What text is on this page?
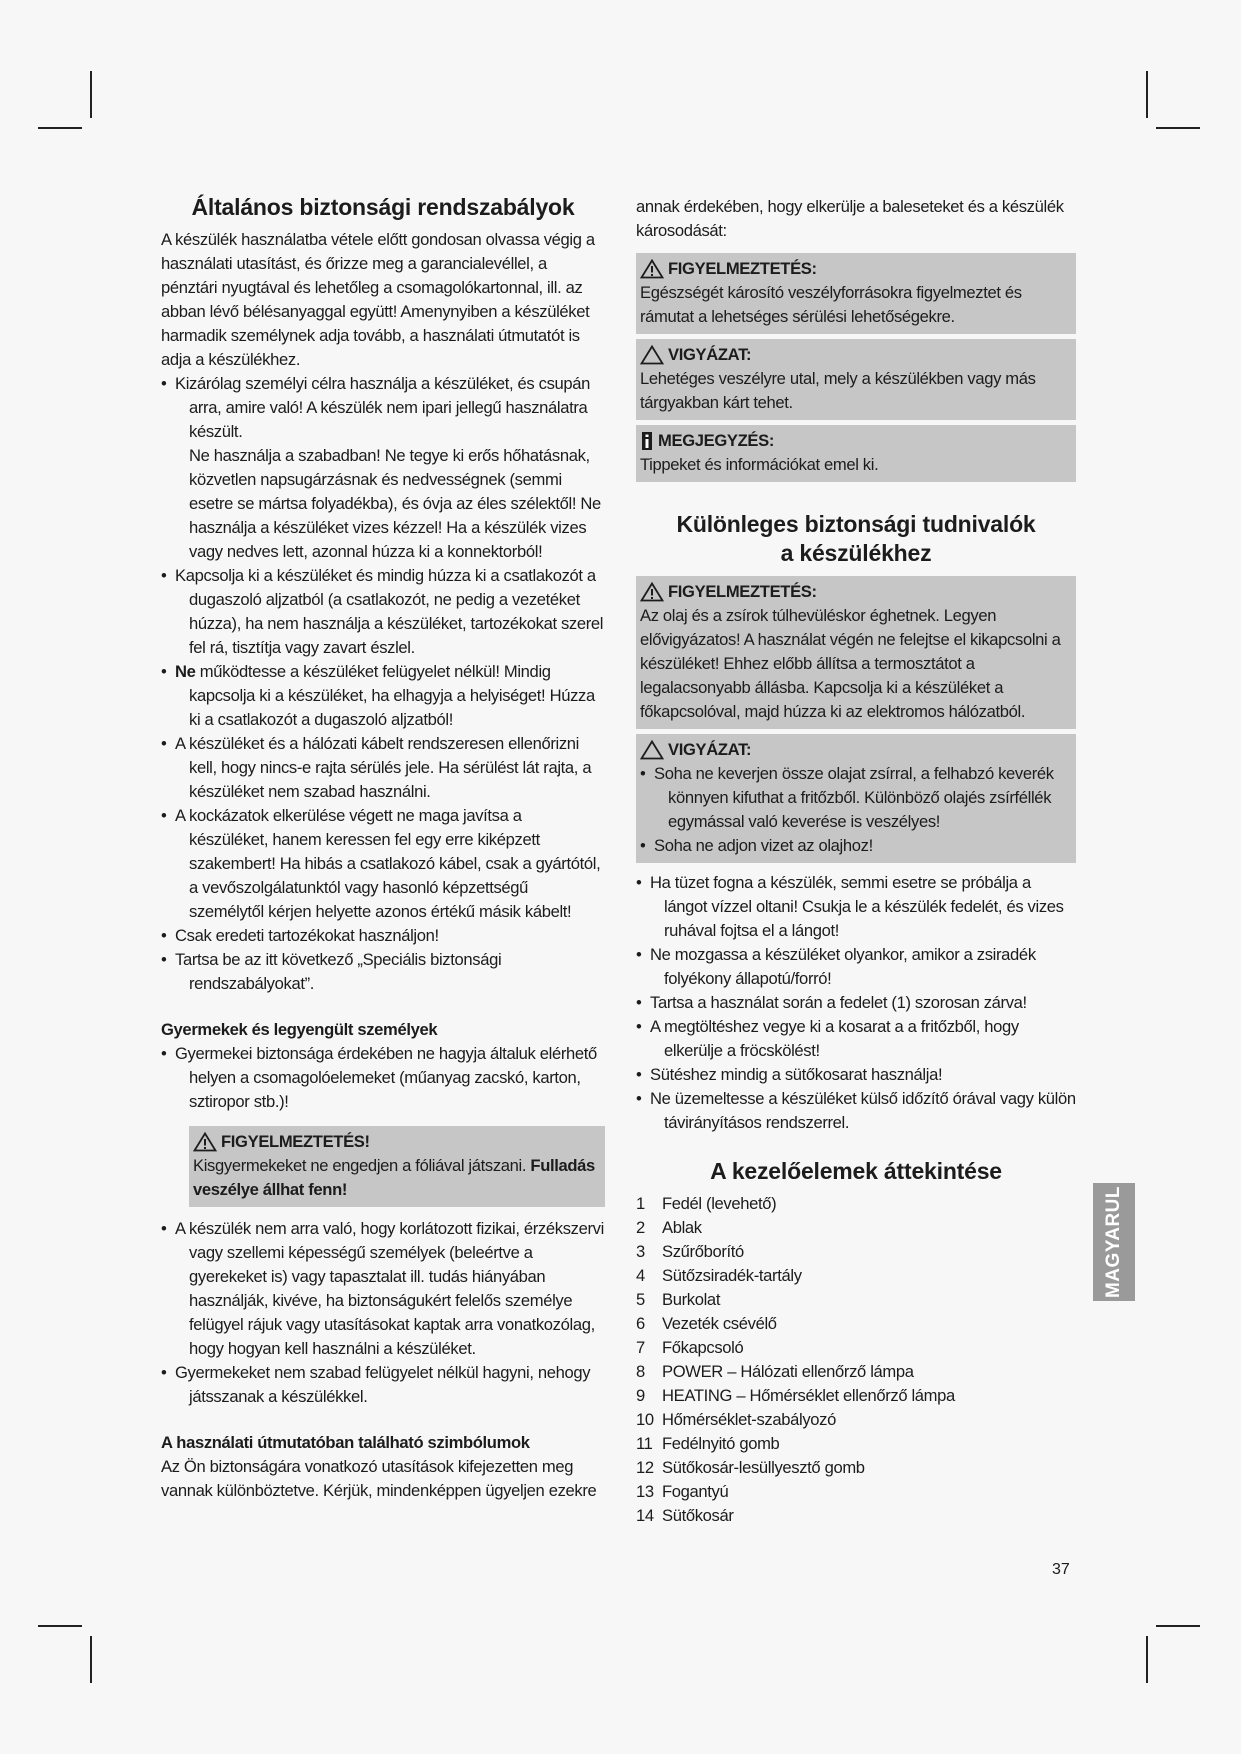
Általános biztonsági rendszabályok

A készülék használatba vétele előtt gondosan olvassa végig a használati utasítást, és őrizze meg a garancialevéllel, a pénztári nyugtával és lehetőleg a csomagolókartonnal, ill. az abban lévő bélésanyaggal együtt! Amenynyiben a készüléket harmadik személynek adja tovább, a használati útmutatót is adja a készülékhez.

• Kizárólag személyi célra használja a készüléket, és csupán arra, amire való! A készülék nem ipari jellegű használatra készült.

Ne használja a szabadban! Ne tegye ki erős hőhatásnak, közvetlen napsugárzásnak és nedvességnek (semmi esetre se mártsa folyadékba), és óvja az éles szélektől! Ne használja a készüléket vizes kézzel! Ha a készülék vizes vagy nedves lett, azonnal húzza ki a konnektorból!

• Kapcsolja ki a készüléket és mindig húzza ki a csatlakozót a dugaszoló aljzatból (a csatlakozót, ne pedig a vezetéket húzza), ha nem használja a készüléket, tartozékokat szerel fel rá, tisztítja vagy zavart észlel.
• Ne működtesse a készüléket felügyelet nélkül! Mindig kapcsolja ki a készüléket, ha elhagyja a helyiséget! Húzza ki a csatlakozót a dugaszoló aljzatból!
• A készüléket és a hálózati kábelt rendszeresen ellenőrizni kell, hogy nincs-e rajta sérülés jele. Ha sérülést lát rajta, a készüléket nem szabad használni.
• A kockázatok elkerülése végett ne maga javítsa a készüléket, hanem keressen fel egy erre kiképzett szakembert! Ha hibás a csatlakozó kábel, csak a gyártótól, a vevőszolgálatunktól vagy hasonló képzettségű személytől kérjen helyette azonos értékű másik kábelt!
• Csak eredeti tartozékokat használjon!
• Tartsa be az itt következő „Speciális biztonsági rendszabályokat”.
Gyermekek és legyengült személyek
• Gyermekei biztonsága érdekében ne hagyja általuk elérhető helyen a csomagolóelemeket (műanyag zacskó, karton, sztiropor stb.)!
FIGYELMEZTETÉS!

Kisgyermekeket ne engedjen a fóliával játszani. Fulladás veszélye állhat fenn!

• A készülék nem arra való, hogy korlátozott fizikai, érzékszervi vagy szellemi képességű személyek (beleértve a gyerekeket is) vagy tapasztalat ill. tudás hiányában használják, kivéve, ha biztonságukért felelős személye felügyel rájuk vagy utasításokat kaptak arra vonatkozólag, hogy hogyan kell használni a készüléket.
• Gyermekeket nem szabad felügyelet nélkül hagyni, nehogy játsszanak a készülékkel.
A használati útmutatóban található szimbólumok

Az Ön biztonságára vonatkozó utasítások kifejezetten meg vannak különböztetve. Kérjük, mindenképpen ügyeljen ezekre

annak érdekében, hogy elkerülje a baleseteket és a készülék károsodását:

FIGYELMEZTETÉS:

Egészségét károsító veszélyforrásokra figyelmeztet és rámutat a lehetséges sérülési lehetőségekre.

VIGYÁZAT:

Lehetéges veszélyre utal, mely a készülékben vagy más tárgyakban kárt tehet.

MEGJEGYZÉS:

Tippeket és információkat emel ki.

Különleges biztonsági tudnivalók
a készülékhez
FIGYELMEZTETÉS:

Az olaj és a zsírok túlhevüléskor éghetnek. Legyen elővigyázatos! A használat végén ne felejtse el kikapcsolni a készüléket! Ehhez előbb állítsa a termosztátot a legalacsonyabb állásba. Kapcsolja ki a készüléket a főkapcsolóval, majd húzza ki az elektromos hálózatból.

VIGYÁZAT:
• Soha ne keverjen össze olajat zsírral, a felhabzó keverék könnyen kifuthat a fritőzből. Különböző olajés zsírféllék egymással való keverése is veszélyes!
• Soha ne adjon vizet az olajhoz!
• Ha tüzet fogna a készülék, semmi esetre se próbálja a lángot vízzel oltani! Csukja le a készülék fedelét, és vizes ruhával fojtsa el a lángot!
• Ne mozgassa a készüléket olyankor, amikor a zsiradék folyékony állapotú/forró!
• Tartsa a használat során a fedelet (1) szorosan zárva!
• A megtöltéshez vegye ki a kosarat a a fritőzből, hogy elkerülje a fröcskölést!
• Sütéshez mindig a sütőkosarat használja!
• Ne üzemeltesse a készüléket külső időzítő órával vagy külön távirányításos rendszerrel.
A kezelőelemek áttekintése
1	Fedél (levehető)
2	Ablak
3	Szűrőborító
4	Sütőzsiradék-tartály
5	Burkolat
6	Vezeték csévélő
7	Főkapcsoló
8	POWER – Hálózati ellenőrző lámpa
9	HEATING – Hőmérséklet ellenőrző lámpa
10 Hőmérséklet-szabályozó
11 Fedélnyitó gomb
12 Sütőkosár-lesüllyesztő gomb
13 Fogantyú
14 Sütőkosár
MAGYARUL
37
